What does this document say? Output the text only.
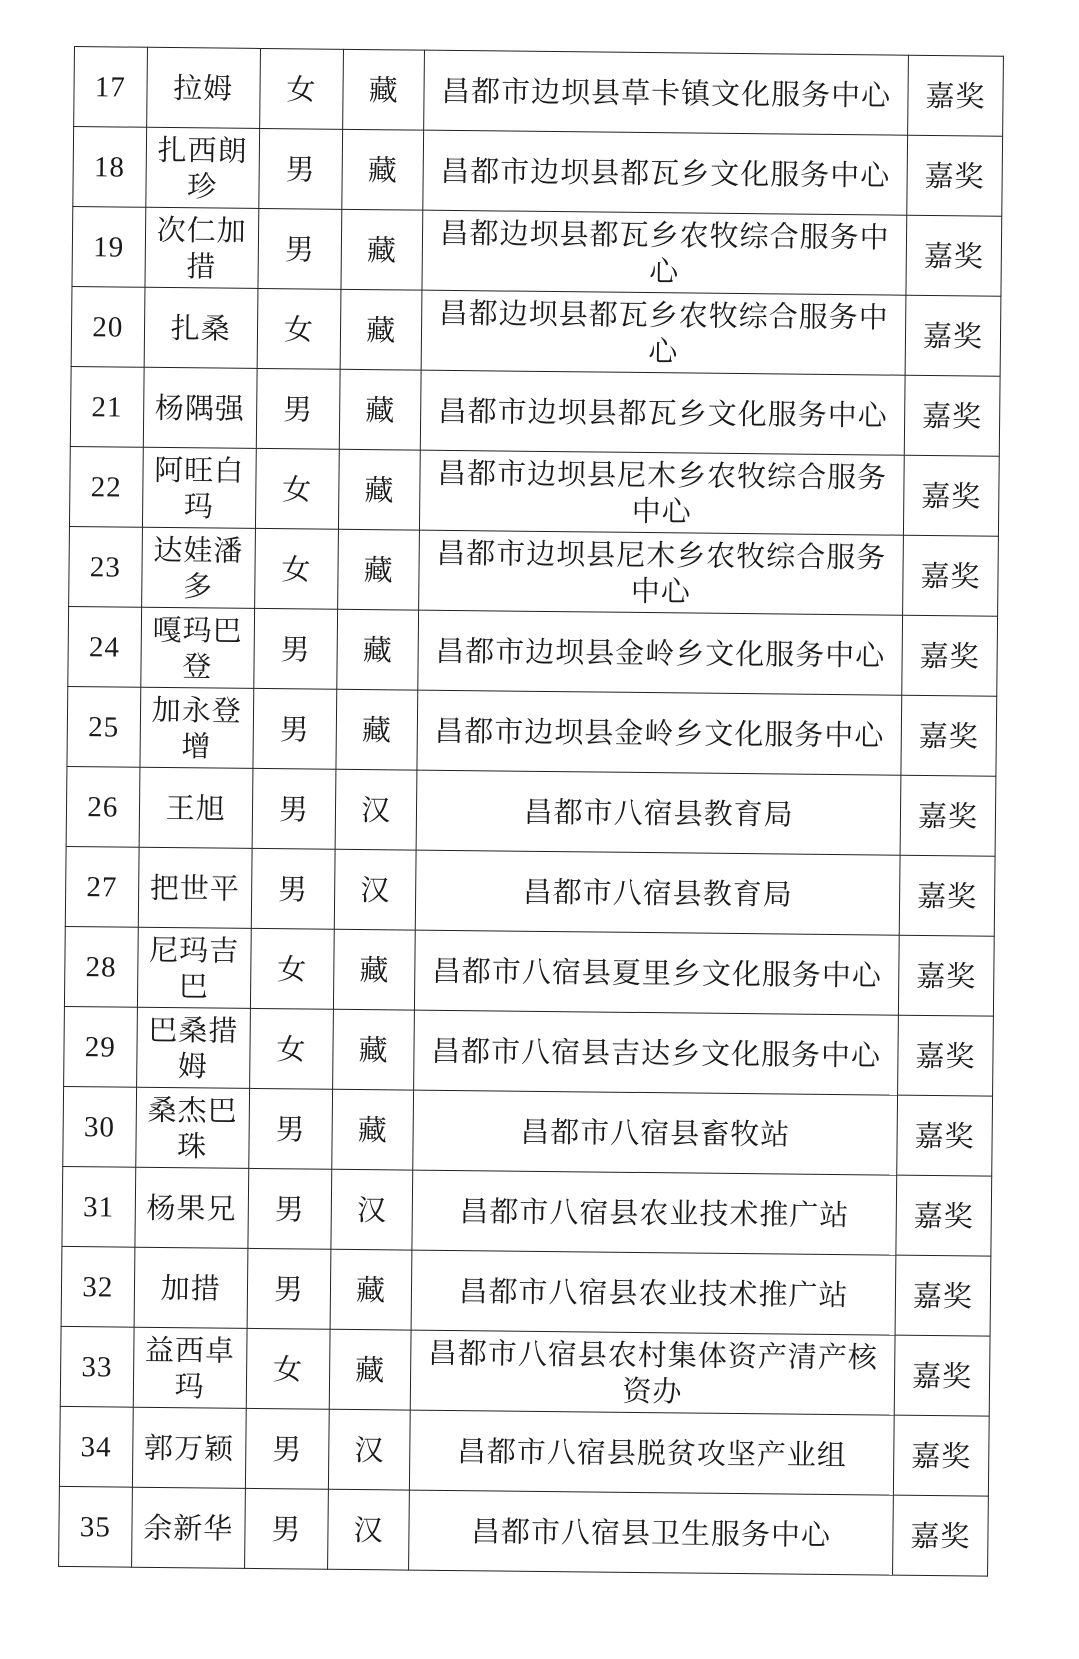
17	拉姆	女	藏	昌都市边坝县草卡镇文化服务中心	嘉奖
18	扎西朗珍	男	藏	昌都市边坝县都瓦乡文化服务中心	嘉奖
19	次仁加措	男	藏	昌都边坝县都瓦乡农牧综合服务中心	嘉奖
20	扎桑	女	藏	昌都边坝县都瓦乡农牧综合服务中心	嘉奖
21	杨隅强	男	藏	昌都市边坝县都瓦乡文化服务中心	嘉奖
22	阿旺白玛	女	藏	昌都市边坝县尼木乡农牧综合服务中心	嘉奖
23	达娃潘多	女	藏	昌都市边坝县尼木乡农牧综合服务中心	嘉奖
24	嘎玛巴登	男	藏	昌都市边坝县金岭乡文化服务中心	嘉奖
25	加永登增	男	藏	昌都市边坝县金岭乡文化服务中心	嘉奖
26	王旭	男	汉	昌都市八宿县教育局	嘉奖
27	把世平	男	汉	昌都市八宿县教育局	嘉奖
28	尼玛吉巴	女	藏	昌都市八宿县夏里乡文化服务中心	嘉奖
29	巴桑措姆	女	藏	昌都市八宿县吉达乡文化服务中心	嘉奖
30	桑杰巴珠	男	藏	昌都市八宿县畜牧站	嘉奖
31	杨果兄	男	汉	昌都市八宿县农业技术推广站	嘉奖
32	加措	男	藏	昌都市八宿县农业技术推广站	嘉奖
33	益西卓玛	女	藏	昌都市八宿县农村集体资产清产核资办	嘉奖
34	郭万颖	男	汉	昌都市八宿县脱贫攻坚产业组	嘉奖
35	余新华	男	汉	昌都市八宿县卫生服务中心	嘉奖
